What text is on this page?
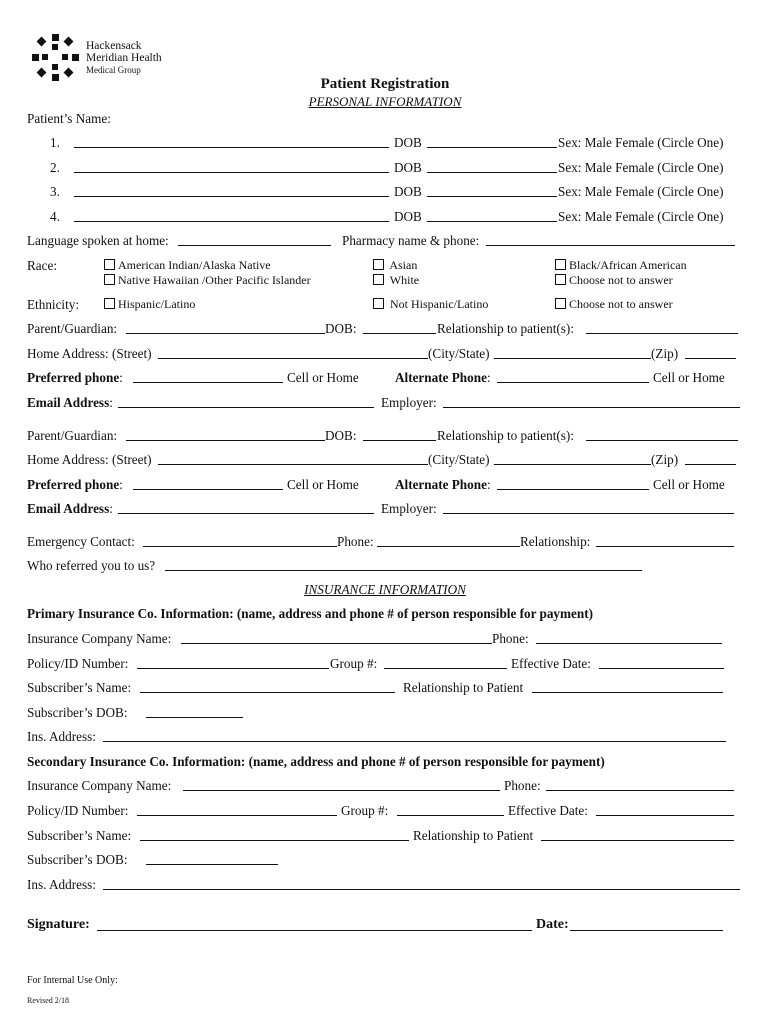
Hackensack
Meridian Health
Medical Group
Patient Registration
PERSONAL INFORMATION
Patient’s Name:
1.	DOB	Sex: Male Female (Circle One)
2.	DOB	Sex: Male Female (Circle One)
3.	DOB	Sex: Male Female (Circle One)
4.	DOB	Sex: Male Female (Circle One)
Language spoken at home:	Pharmacy name & phone:
Race:	American Indian/Alaska Native
Native Hawaiian /Other Pacific Islander
Asian
White
Black/African American
Choose not to answer
Ethnicity:	Hispanic/Latino	Not Hispanic/Latino	Choose not to answer
Parent/Guardian:	DOB:	Relationship to patient(s):
Home Address: (Street)	(City/State)	(Zip)
Preferred phone:	Cell or Home	Alternate Phone:	Cell or Home
Email Address:	Employer:
Parent/Guardian:	DOB:	Relationship to patient(s):
Home Address: (Street)	(City/State)	(Zip)
Preferred phone:	Cell or Home	Alternate Phone:	Cell or Home
Email Address:	Employer:
Emergency Contact:	Phone:	Relationship:
Who referred you to us?
INSURANCE INFORMATION
Primary Insurance Co. Information: (name, address and phone # of person responsible for payment)
Insurance Company Name:	Phone:
Policy/ID Number:	Group #:	Effective Date:
Subscriber’s Name:	Relationship to Patient
Subscriber’s DOB:
Ins. Address:
Secondary Insurance Co. Information: (name, address and phone # of person responsible for payment)
Insurance Company Name:	Phone:
Policy/ID Number:	Group #:	Effective Date:
Subscriber’s Name:	Relationship to Patient
Subscriber’s DOB:
Ins. Address:
Signature:	Date:
For Internal Use Only:
Revised 2/18
